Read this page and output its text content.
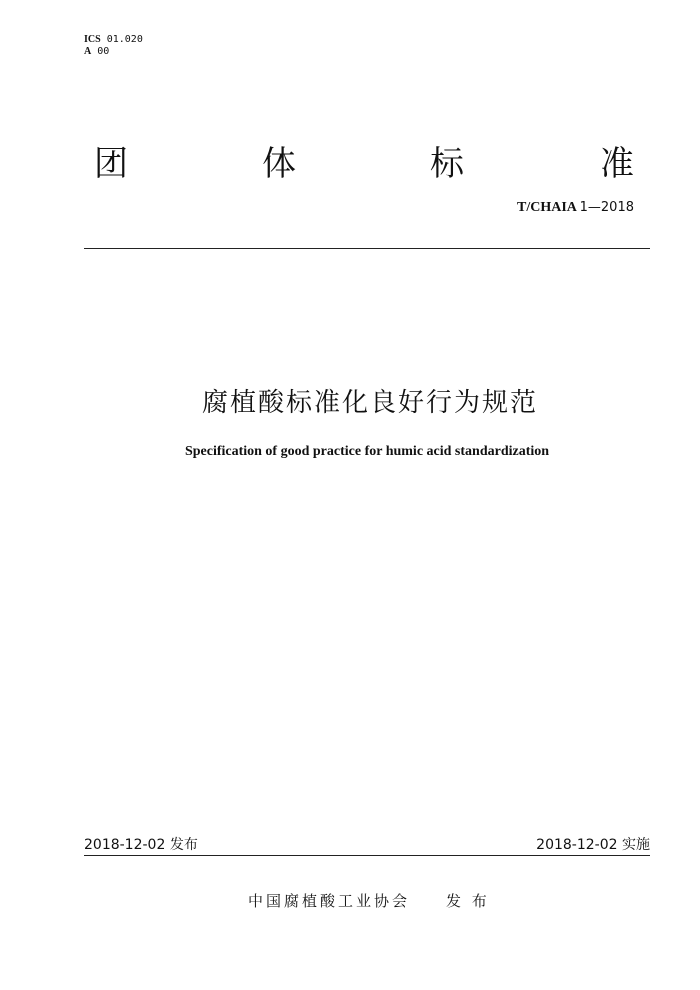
ICS 01.020
A 00
团	体	标	准
T/CHAIA 1—2018
腐植酸标准化良好行为规范
Specification of good practice for humic acid standardization
2018-12-02 发布	2018-12-02 实施
中国腐植酸工业协会 发 布
